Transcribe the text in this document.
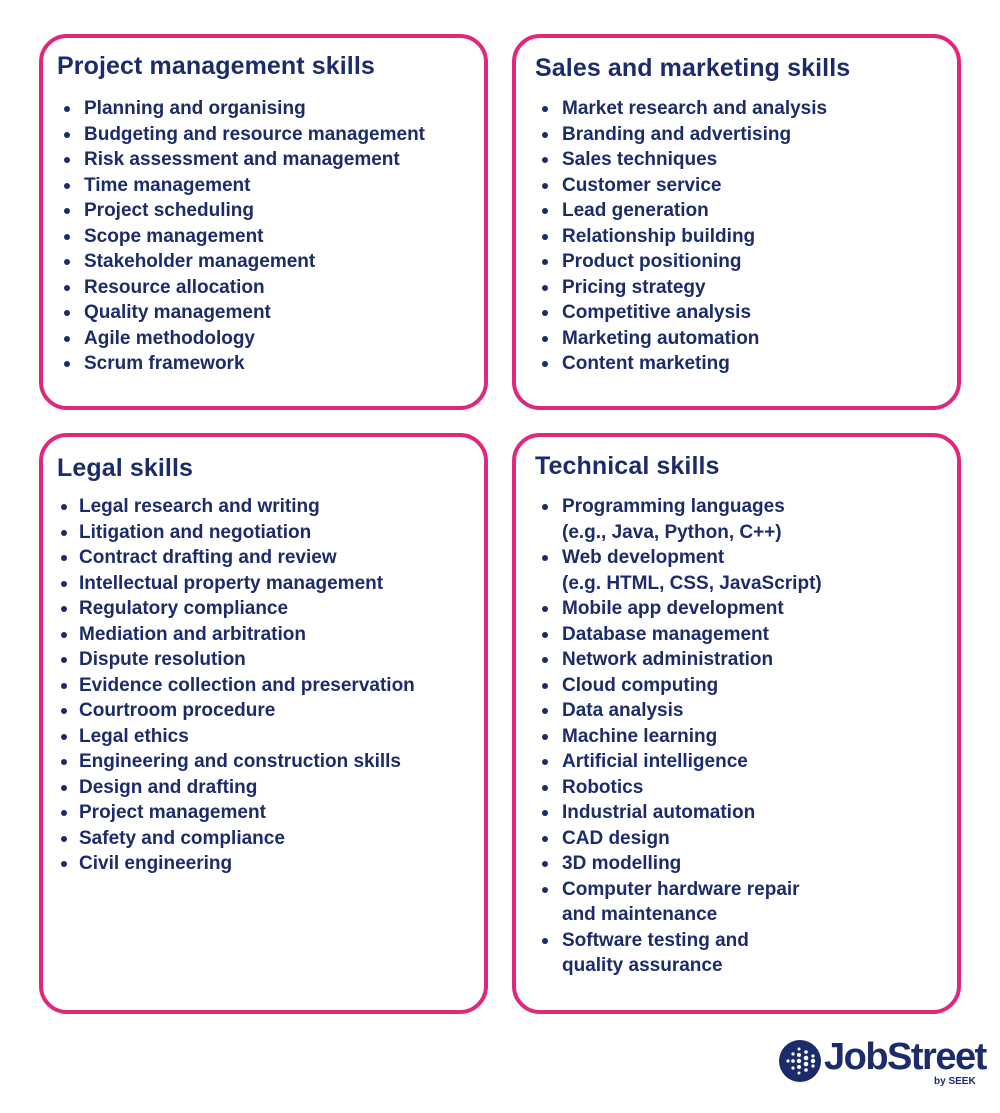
Project management skills
Planning and organising
Budgeting and resource management
Risk assessment and management
Time management
Project scheduling
Scope management
Stakeholder management
Resource allocation
Quality management
Agile methodology
Scrum framework
Sales and marketing skills
Market research and analysis
Branding and advertising
Sales techniques
Customer service
Lead generation
Relationship building
Product positioning
Pricing strategy
Competitive analysis
Marketing automation
Content marketing
Legal skills
Legal research and writing
Litigation and negotiation
Contract drafting and review
Intellectual property management
Regulatory compliance
Mediation and arbitration
Dispute resolution
Evidence collection and preservation
Courtroom procedure
Legal ethics
Engineering and construction skills
Design and drafting
Project management
Safety and compliance
Civil engineering
Technical skills
Programming languages
(e.g., Java, Python, C++)
Web development
(e.g. HTML, CSS, JavaScript)
Mobile app development
Database management
Network administration
Cloud computing
Data analysis
Machine learning
Artificial intelligence
Robotics
Industrial automation
CAD design
3D modelling
Computer hardware repair
and maintenance
Software testing and
quality assurance
JobStreet
by SEEK
